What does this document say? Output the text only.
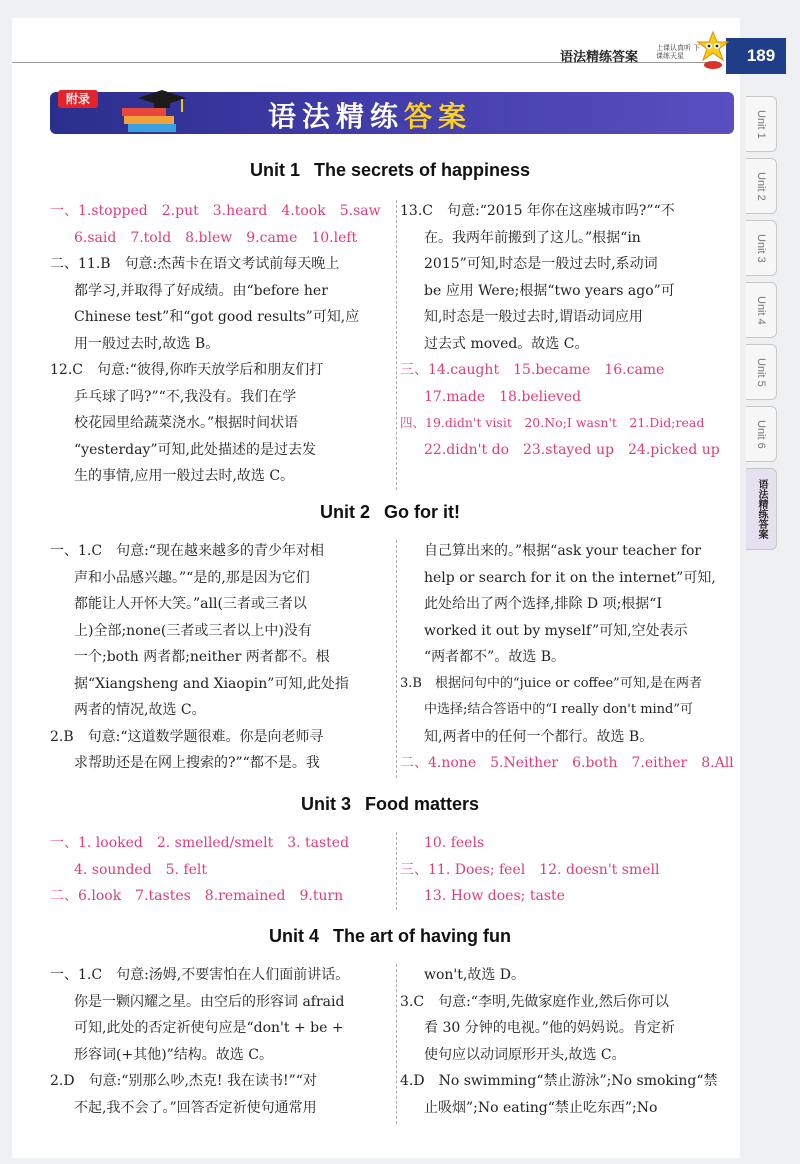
语法精练答案
上课认真听 下课练天星	189
Unit 1
Unit 2
Unit 3
Unit 4
Unit 5
Unit 6
语法精练答案
附录
语法精练答案
Unit 1 The secrets of happiness

一、1.stopped　2.put　3.heard　4.took　5.saw

6.said　7.told　8.blew　9.came　10.left

二、11.B　句意:杰茜卡在语文考试前每天晚上

都学习,并取得了好成绩。由“before her

Chinese test”和“got good results”可知,应

用一般过去时,故选 B。

12.C　句意:“彼得,你昨天放学后和朋友们打

乒乓球了吗?”“不,我没有。我们在学

校花园里给蔬菜浇水。”根据时间状语

“yesterday”可知,此处描述的是过去发

生的事情,应用一般过去时,故选 C。

13.C　句意:“2015 年你在这座城市吗?”“不

在。我两年前搬到了这儿。”根据“in

2015”可知,时态是一般过去时,系动词

be 应用 Were;根据“two years ago”可

知,时态是一般过去时,谓语动词应用

过去式 moved。故选 C。

三、14.caught　15.became　16.came

17.made　18.believed

四、19.didn't visit　20.No;I wasn't　21.Did;read

22.didn't do　23.stayed up　24.picked up

Unit 2 Go for it!

一、1.C　句意:“现在越来越多的青少年对相

声和小品感兴趣。”“是的,那是因为它们

都能让人开怀大笑。”all(三者或三者以

上)全部;none(三者或三者以上中)没有

一个;both 两者都;neither 两者都不。根

据“Xiangsheng and Xiaopin”可知,此处指

两者的情况,故选 C。

2.B　句意:“这道数学题很难。你是向老师寻

求帮助还是在网上搜索的?”“都不是。我

自己算出来的。”根据“ask your teacher for

help or search for it on the internet”可知,

此处给出了两个选择,排除 D 项;根据“I

worked it out by myself”可知,空处表示

“两者都不”。故选 B。

3.B　根据问句中的“juice or coffee”可知,是在两者

中选择;结合答语中的“I really don't mind”可

知,两者中的任何一个都行。故选 B。

二、4.none　5.Neither　6.both　7.either　8.All

Unit 3 Food matters

一、1. looked　2. smelled/smelt　3. tasted

4. sounded　5. felt

二、6.look　7.tastes　8.remained　9.turn

10. feels

三、11. Does; feel　12. doesn't smell

13. How does; taste

Unit 4 The art of having fun

一、1.C　句意:汤姆,不要害怕在人们面前讲话。

你是一颗闪耀之星。由空后的形容词 afraid

可知,此处的否定祈使句应是“don't + be +

形容词(+其他)”结构。故选 C。

2.D　句意:“别那么吵,杰克! 我在读书!”“对

不起,我不会了。”回答否定祈使句通常用

won't,故选 D。

3.C　句意:“李明,先做家庭作业,然后你可以

看 30 分钟的电视。”他的妈妈说。肯定祈

使句应以动词原形开头,故选 C。

4.D　No swimming“禁止游泳”;No smoking“禁

止吸烟”;No eating“禁止吃东西”;No
